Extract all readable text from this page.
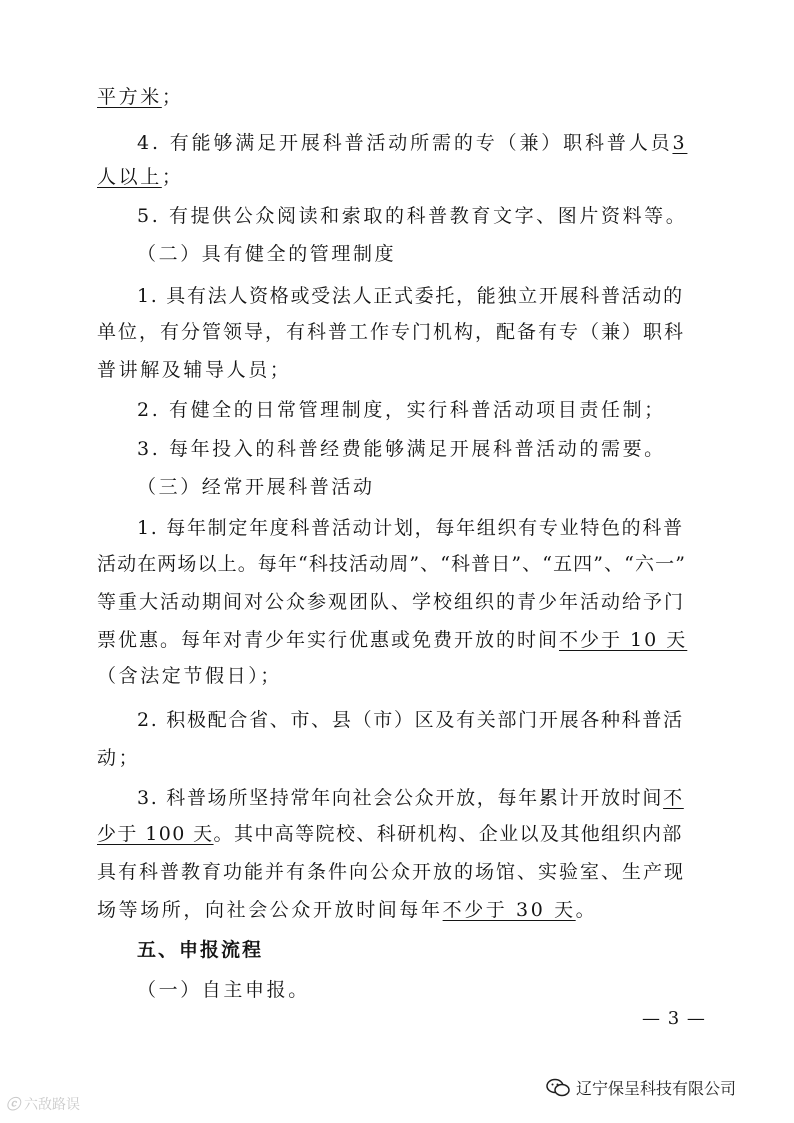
平方米；
4. 有能够满足开展科普活动所需的专（兼）职科普人员3
人以上；
5. 有提供公众阅读和索取的科普教育文字、图片资料等。
（二）具有健全的管理制度
1. 具有法人资格或受法人正式委托，能独立开展科普活动的
单位，有分管领导，有科普工作专门机构，配备有专（兼）职科
普讲解及辅导人员；
2. 有健全的日常管理制度，实行科普活动项目责任制；
3. 每年投入的科普经费能够满足开展科普活动的需要。
（三）经常开展科普活动
1. 每年制定年度科普活动计划，每年组织有专业特色的科普
活动在两场以上。每年“科技活动周”、“科普日”、“五四”、“六一”
等重大活动期间对公众参观团队、学校组织的青少年活动给予门
票优惠。每年对青少年实行优惠或免费开放的时间不少于 10 天
（含法定节假日）；
2. 积极配合省、市、县（市）区及有关部门开展各种科普活
动；
3. 科普场所坚持常年向社会公众开放，每年累计开放时间不
少于 100 天。其中高等院校、科研机构、企业以及其他组织内部
具有科普教育功能并有条件向公众开放的场馆、实验室、生产现
场等场所，向社会公众开放时间每年不少于 30 天。
五、申报流程
（一）自主申报。
— 3 —
ⓒ 六敌路误
辽宁保呈科技有限公司
